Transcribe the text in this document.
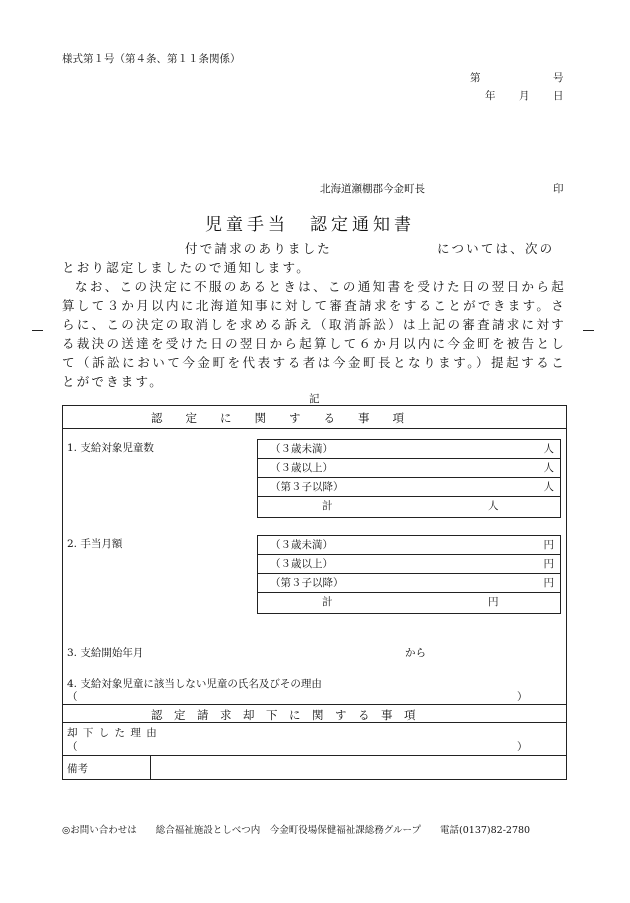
様式第１号（第４条、第１１条関係）
第	号
年 月 日
北海道瀬棚郡今金町長	印
児童手当　認定通知書

付で請求のありました	については、次の

とおり認定しましたので通知します。

なお、この決定に不服のあるときは、この通知書を受けた日の翌日から起算して３か月以内に北海道知事に対して審査請求をすることができます。さらに、この決定の取消しを求める訴え（取消訴訟）は上記の審査請求に対する裁決の送達を受けた日の翌日から起算して６か月以内に今金町を被告として（訴訟において今金町を代表する者は今金町長となります。）提起することができます。

記
認　　定　　に　　関　　す　　る　　事　　項
1. 支給対象児童数	（３歳未満）	人
（３歳以上）	人
（第３子以降）	人
計	人
2. 手当月額	（３歳未満）	円
（３歳以上）	円
（第３子以降）	円
計	円
3. 支給開始年月	から
4. 支給対象児童に該当しない児童の氏名及びその理由
（	）
認　定　請　求　却　下　に　関　す　る　事　項
却 下 し た 理 由
（	）
備考
◎お問い合わせは　　総合福祉施設としべつ内　今金町役場保健福祉課総務グループ　　電話(0137)82-2780
